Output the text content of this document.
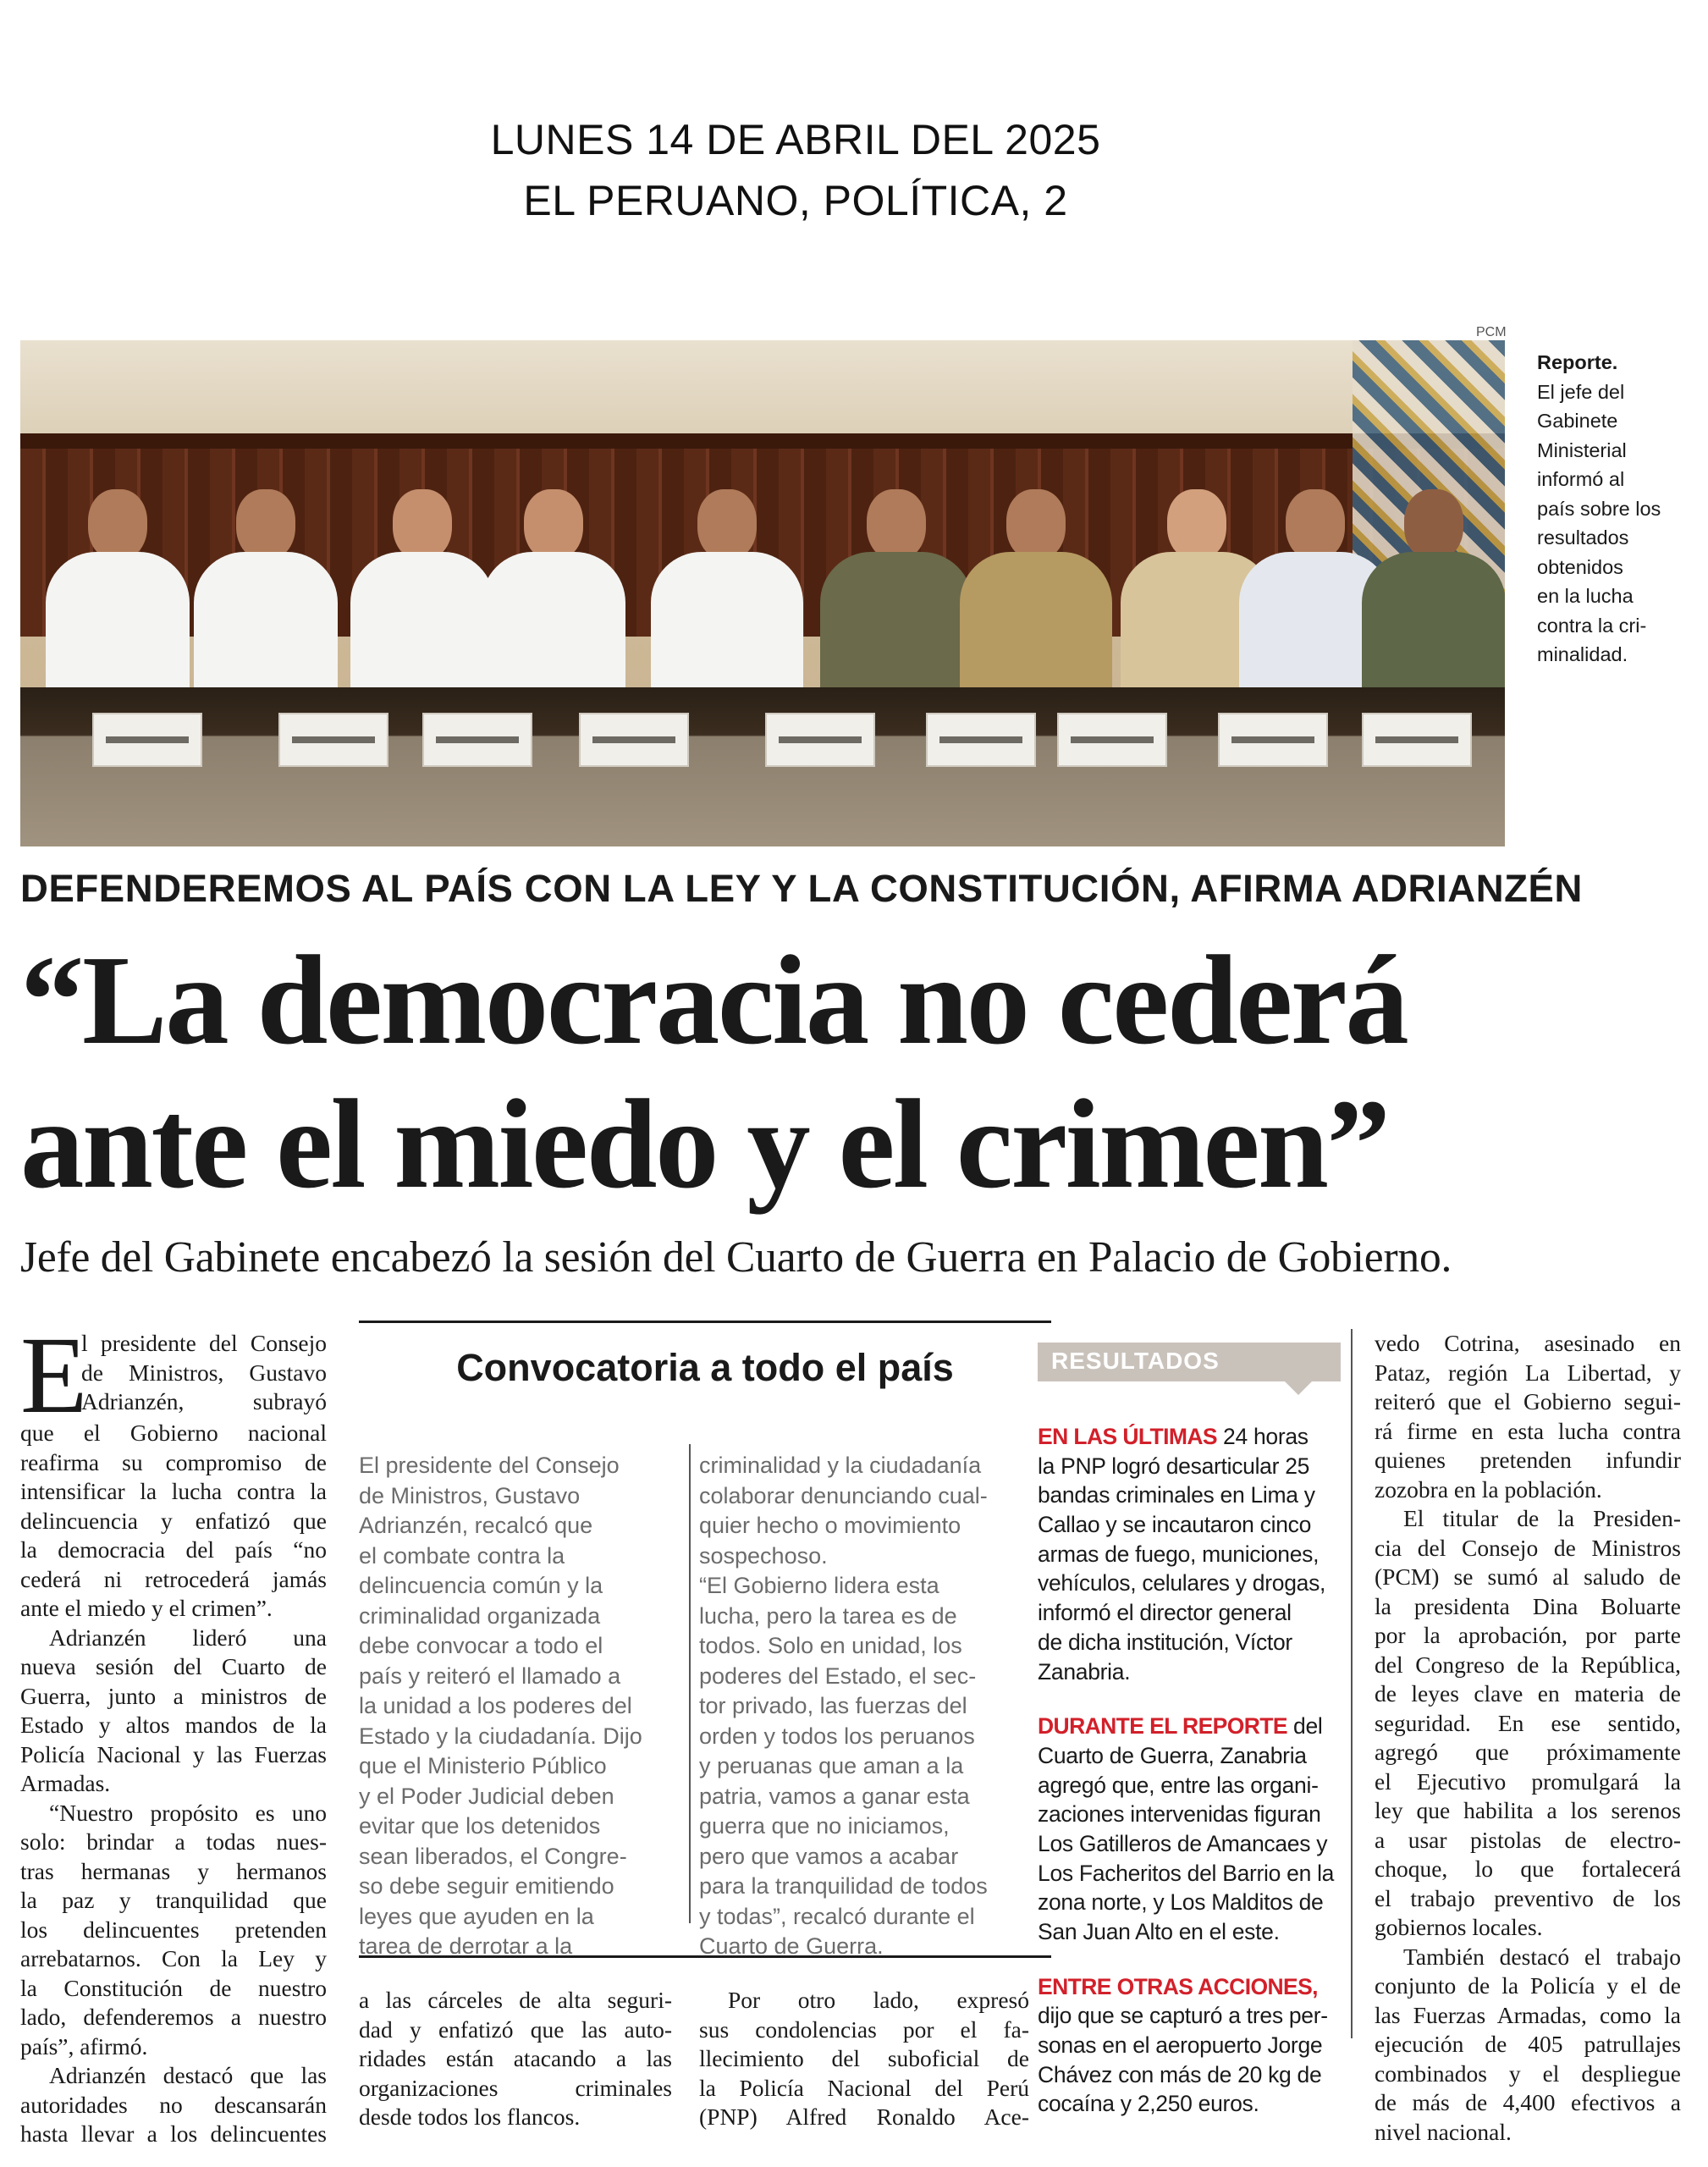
LUNES 14 DE ABRIL DEL 2025
EL PERUANO, POLÍTICA, 2
PCM
Reporte.
El jefe del
Gabinete
Ministerial
informó al
país sobre los
resultados
obtenidos
en la lucha
contra la cri-
minalidad.
DEFENDEREMOS AL PAÍS CON LA LEY Y LA CONSTITUCIÓN, AFIRMA ADRIANZÉN
“La democracia no cederá
ante el miedo y el crimen”
Jefe del Gabinete encabezó la sesión del Cuarto de Guerra en Palacio de Gobierno.
E
l presidente del Consejo
de Ministros, Gustavo
Adrianzén, subrayó
que el Gobierno nacional
reafirma su compromiso de
intensificar la lucha contra la
delincuencia y enfatizó que
la democracia del país “no
cederá ni retrocederá jamás
ante el miedo y el crimen”.
Adrianzén lideró una
nueva sesión del Cuarto de
Guerra, junto a ministros de
Estado y altos mandos de la
Policía Nacional y las Fuerzas
Armadas.
“Nuestro propósito es uno
solo: brindar a todas nues-
tras hermanas y hermanos
la paz y tranquilidad que
los delincuentes pretenden
arrebatarnos. Con la Ley y
la Constitución de nuestro
lado, defenderemos a nuestro
país”, afirmó.
Adrianzén destacó que las
autoridades no descansarán
hasta llevar a los delincuentes
Convocatoria a todo el país
El presidente del Consejo
de Ministros, Gustavo
Adrianzén, recalcó que
el combate contra la
delincuencia común y la
criminalidad organizada
debe convocar a todo el
país y reiteró el llamado a
la unidad a los poderes del
Estado y la ciudadanía. Dijo
que el Ministerio Público
y el Poder Judicial deben
evitar que los detenidos
sean liberados, el Congre-
so debe seguir emitiendo
leyes que ayuden en la
tarea de derrotar a la
criminalidad y la ciudadanía
colaborar denunciando cual-
quier hecho o movimiento
sospechoso.
“El Gobierno lidera esta
lucha, pero la tarea es de
todos. Solo en unidad, los
poderes del Estado, el sec-
tor privado, las fuerzas del
orden y todos los peruanos
y peruanas que aman a la
patria, vamos a ganar esta
guerra que no iniciamos,
pero que vamos a acabar
para la tranquilidad de todos
y todas”, recalcó durante el
Cuarto de Guerra.
a las cárceles de alta seguri-
dad y enfatizó que las auto-
ridades están atacando a las
organizaciones criminales
desde todos los flancos.
Por otro lado, expresó
sus condolencias por el fa-
llecimiento del suboficial de
la Policía Nacional del Perú
(PNP) Alfred Ronaldo Ace-
RESULTADOS
EN LAS ÚLTIMAS 24 horas
la PNP logró desarticular 25
bandas criminales en Lima y
Callao y se incautaron cinco
armas de fuego, municiones,
vehículos, celulares y drogas,
informó el director general
de dicha institución, Víctor
Zanabria.
DURANTE EL REPORTE del
Cuarto de Guerra, Zanabria
agregó que, entre las organi-
zaciones intervenidas figuran
Los Gatilleros de Amancaes y
Los Facheritos del Barrio en la
zona norte, y Los Malditos de
San Juan Alto en el este.
ENTRE OTRAS ACCIONES,
dijo que se capturó a tres per-
sonas en el aeropuerto Jorge
Chávez con más de 20 kg de
cocaína y 2,250 euros.
vedo Cotrina, asesinado en
Pataz, región La Libertad, y
reiteró que el Gobierno segui-
rá firme en esta lucha contra
quienes pretenden infundir
zozobra en la población.
El titular de la Presiden-
cia del Consejo de Ministros
(PCM) se sumó al saludo de
la presidenta Dina Boluarte
por la aprobación, por parte
del Congreso de la República,
de leyes clave en materia de
seguridad. En ese sentido,
agregó que próximamente
el Ejecutivo promulgará la
ley que habilita a los serenos
a usar pistolas de electro-
choque, lo que fortalecerá
el trabajo preventivo de los
gobiernos locales.
También destacó el trabajo
conjunto de la Policía y el de
las Fuerzas Armadas, como la
ejecución de 405 patrullajes
combinados y el despliegue
de más de 4,400 efectivos a
nivel nacional.
